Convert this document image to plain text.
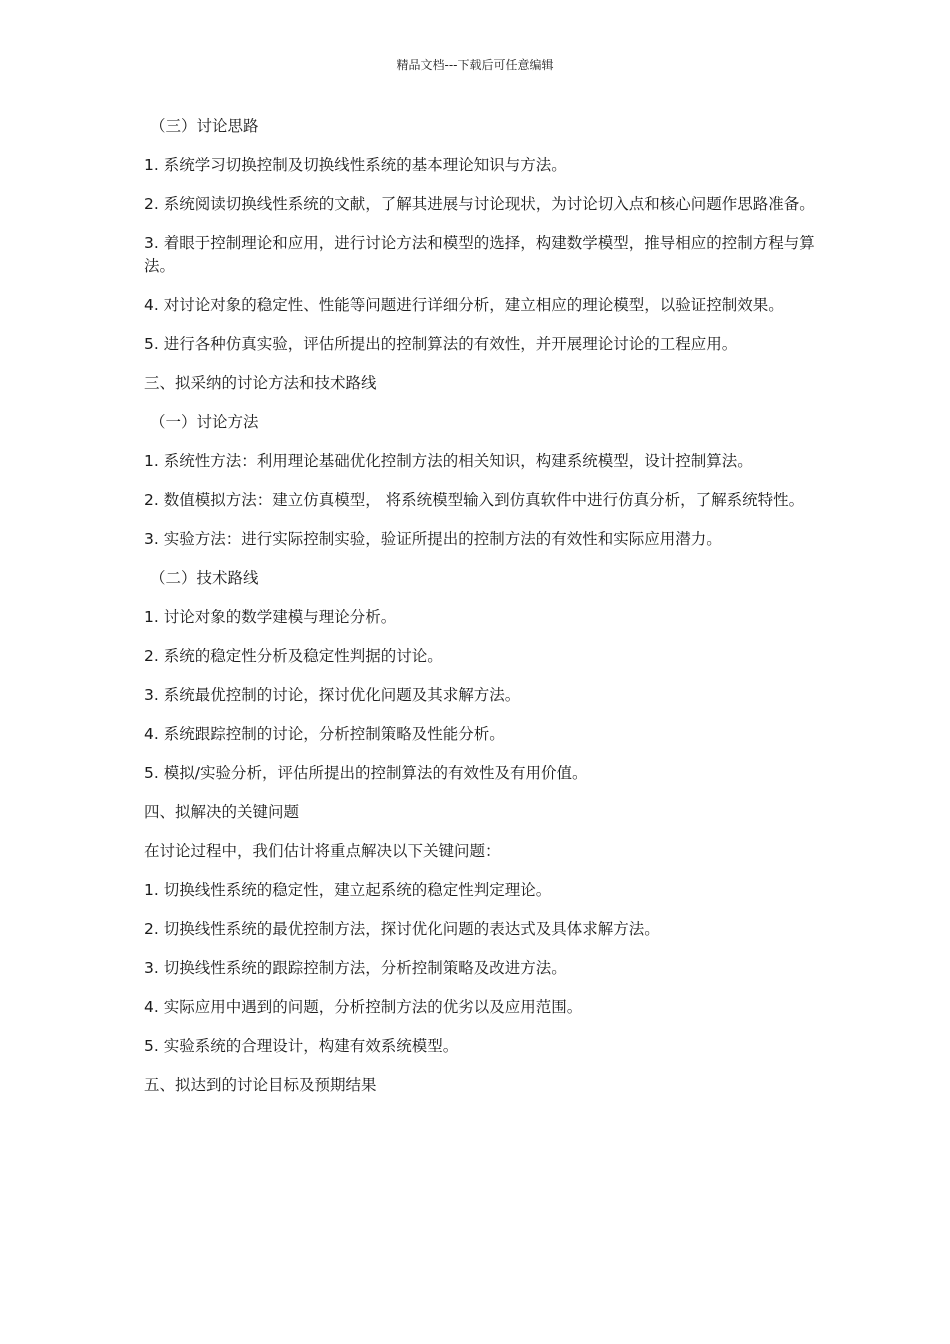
精品文档---下载后可任意编辑

（三）讨论思路

1. 系统学习切换控制及切换线性系统的基本理论知识与方法。

2. 系统阅读切换线性系统的文献，了解其进展与讨论现状，为讨论切入点和核心问题作思路准备。

3. 着眼于控制理论和应用，进行讨论方法和模型的选择，构建数学模型，推导相应的控制方程与算法。

4. 对讨论对象的稳定性、性能等问题进行详细分析，建立相应的理论模型，以验证控制效果。

5. 进行各种仿真实验，评估所提出的控制算法的有效性，并开展理论讨论的工程应用。

三、拟采纳的讨论方法和技术路线

（一）讨论方法

1. 系统性方法：利用理论基础优化控制方法的相关知识，构建系统模型，设计控制算法。

2. 数值模拟方法：建立仿真模型， 将系统模型输入到仿真软件中进行仿真分析，了解系统特性。

3. 实验方法：进行实际控制实验，验证所提出的控制方法的有效性和实际应用潜力。

（二）技术路线

1. 讨论对象的数学建模与理论分析。

2. 系统的稳定性分析及稳定性判据的讨论。

3. 系统最优控制的讨论，探讨优化问题及其求解方法。

4. 系统跟踪控制的讨论，分析控制策略及性能分析。

5. 模拟/实验分析，评估所提出的控制算法的有效性及有用价值。

四、拟解决的关键问题

在讨论过程中，我们估计将重点解决以下关键问题：

1. 切换线性系统的稳定性，建立起系统的稳定性判定理论。

2. 切换线性系统的最优控制方法，探讨优化问题的表达式及具体求解方法。

3. 切换线性系统的跟踪控制方法，分析控制策略及改进方法。

4. 实际应用中遇到的问题，分析控制方法的优劣以及应用范围。

5. 实验系统的合理设计，构建有效系统模型。

五、拟达到的讨论目标及预期结果
